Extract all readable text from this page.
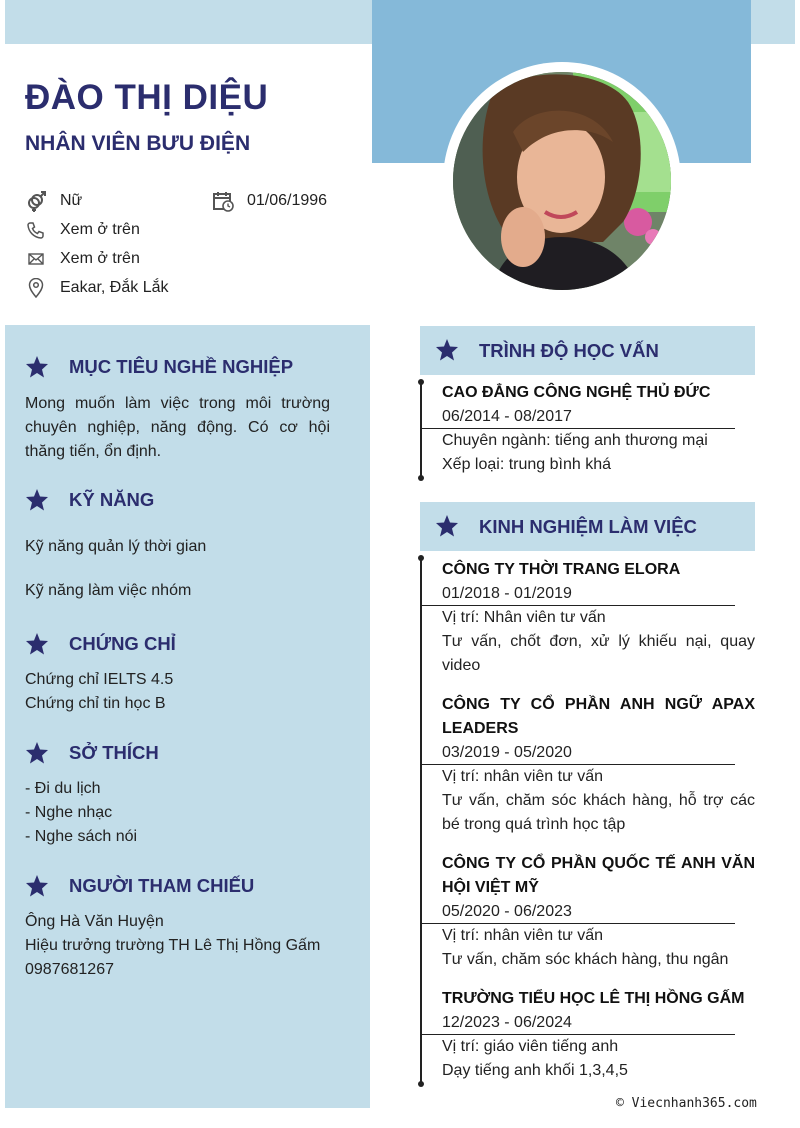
ĐÀO THỊ DIỆU
NHÂN VIÊN BƯU ĐIỆN
Nữ	01/06/1996
Xem ở trên
Xem ở trên
Eakar, Đắk Lắk
MỤC TIÊU NGHỀ NGHIỆP
Mong muốn làm việc trong môi trường chuyên nghiệp, năng động. Có cơ hội thăng tiến, ổn định.
KỸ NĂNG
Kỹ năng quản lý thời gian
Kỹ năng làm việc nhóm
CHỨNG CHỈ
Chứng chỉ IELTS 4.5
Chứng chỉ tin học B
SỞ THÍCH
- Đi du lịch
- Nghe nhạc
- Nghe sách nói
NGƯỜI THAM CHIẾU
Ông Hà Văn Huyện
Hiệu trưởng trường TH Lê Thị Hồng Gấm
0987681267
TRÌNH ĐỘ HỌC VẤN
CAO ĐẲNG CÔNG NGHỆ THỦ ĐỨC
06/2014 - 08/2017
Chuyên ngành: tiếng anh thương mại
Xếp loại: trung bình khá
KINH NGHIỆM LÀM VIỆC
CÔNG TY THỜI TRANG ELORA
01/2018 - 01/2019
Vị trí: Nhân viên tư vấn
Tư vấn, chốt đơn, xử lý khiếu nại, quay video
CÔNG TY CỔ PHẦN ANH NGỮ APAX LEADERS
03/2019 - 05/2020
Vị trí: nhân viên tư vấn
Tư vấn, chăm sóc khách hàng, hỗ trợ các bé trong quá trình học tập
CÔNG TY CỔ PHẦN QUỐC TẾ ANH VĂN HỘI VIỆT MỸ
05/2020 - 06/2023
Vị trí: nhân viên tư vấn
Tư vấn, chăm sóc khách hàng, thu ngân
TRƯỜNG TIỂU HỌC LÊ THỊ HỒNG GẤM
12/2023 - 06/2024
Vị trí: giáo viên tiếng anh
Dạy tiếng anh khối 1,3,4,5
© Viecnhanh365.com
